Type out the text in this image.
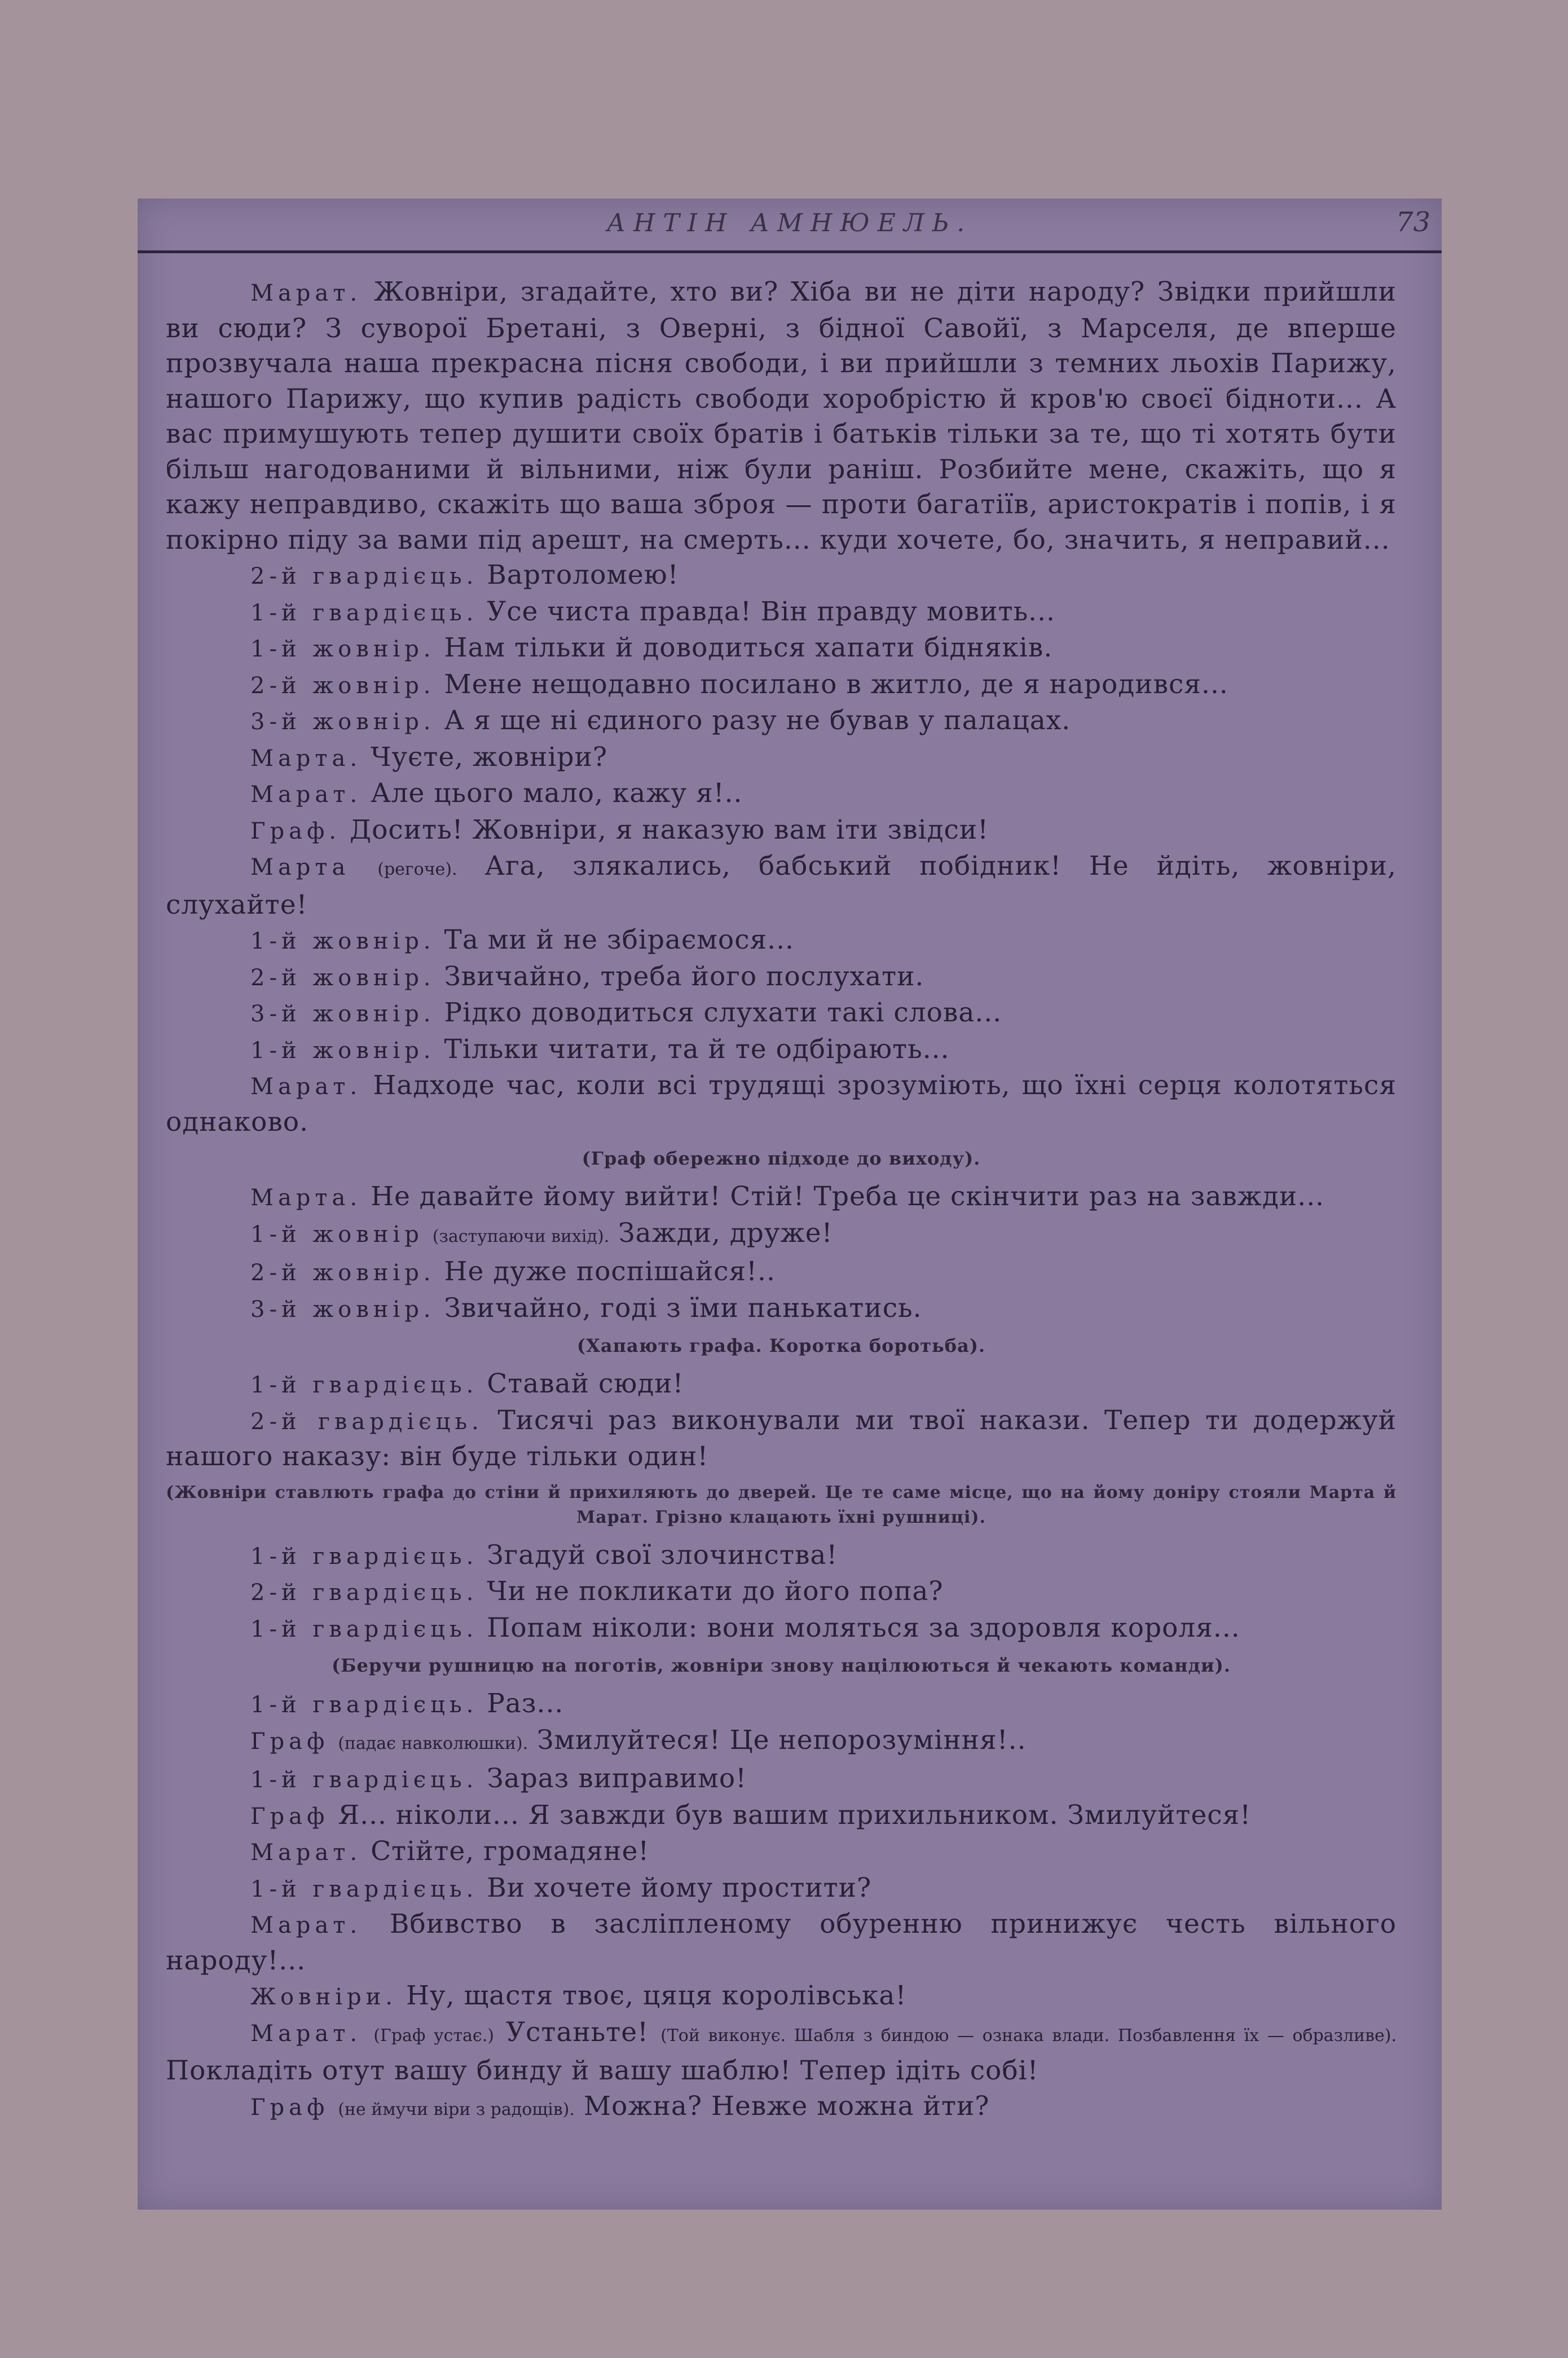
АНТІН АМНЮЕЛЬ.	73

Марат. Жовніри, згадайте, хто ви? Хіба ви не діти народу? Звідки прийшли ви сюди? З суворої Бретані, з Оверні, з бідної Савойї, з Марселя, де вперше прозвучала наша прекрасна пісня свободи, і ви прийшли з темних льохів Парижу, нашого Парижу, що купив радість свободи хоробрістю й кров'ю своєї бідноти... А вас примушують тепер душити своїх братів і батьків тільки за те, що ті хотять бути більш нагодованими й вільними, ніж були раніш. Розбийте мене, скажіть, що я кажу неправдиво, скажіть що ваша зброя — проти багатіїв, аристократів і попів, і я покірно піду за вами під арешт, на смерть... куди хочете, бо, значить, я неправий...

2-й гвардієць. Вартоломею!

1-й гвардієць. Усе чиста правда! Він правду мовить...

1-й жовнір. Нам тільки й доводиться хапати бідняків.

2-й жовнір. Мене нещодавно посилано в житло, де я народився...

3-й жовнір. А я ще ні єдиного разу не бував у палацах.

Марта. Чуєте, жовніри?

Марат. Але цього мало, кажу я!..

Граф. Досить! Жовніри, я наказую вам іти звідси!

Марта (регоче). Ага, злякались, бабський побідник! Не йдіть, жовніри, слухайте!

1-й жовнір. Та ми й не збіраємося...

2-й жовнір. Звичайно, треба його послухати.

3-й жовнір. Рідко доводиться слухати такі слова...

1-й жовнір. Тільки читати, та й те одбірають...

Марат. Надходе час, коли всі трудящі зрозуміють, що їхні серця колотяться однаково.

(Граф обережно підходе до виходу).

Марта. Не давайте йому вийти! Стій! Треба це скінчити раз на завжди...

1-й жовнір (заступаючи вихід). Зажди, друже!

2-й жовнір. Не дуже поспішайся!..

3-й жовнір. Звичайно, годі з їми панькатись.

(Хапають графа. Коротка боротьба).

1-й гвардієць. Ставай сюди!

2-й гвардієць. Тисячі раз виконували ми твої накази. Тепер ти додержуй нашого наказу: він буде тільки один!

(Жовніри ставлють графа до стіни й прихиляють до дверей. Це те саме місце, що на йому доніру стояли Марта й Марат. Грізно клацають їхні рушниці).

1-й гвардієць. Згадуй свої злочинства!

2-й гвардієць. Чи не покликати до його попа?

1-й гвардієць. Попам ніколи: вони моляться за здоровля короля...

(Беручи рушницю на поготів, жовніри знову націлюються й чекають команди).

1-й гвардієць. Раз...

Граф (падає навколюшки). Змилуйтеся! Це непорозуміння!..

1-й гвардієць. Зараз виправимо!

Граф Я... ніколи... Я завжди був вашим прихильником. Змилуйтеся!

Марат. Стійте, громадяне!

1-й гвардієць. Ви хочете йому простити?

Марат. Вбивство в засліпленому обуренню принижує честь вільного народу!...

Жовніри. Ну, щастя твоє, цяця королівська!

Марат. (Граф устає.) Устаньте! (Той виконує. Шабля з биндою — ознака влади. Позбавлення їх — образливе). Покладіть отут вашу бинду й вашу шаблю! Тепер ідіть собі!

Граф (не ймучи віри з радощів). Можна? Невже можна йти?
